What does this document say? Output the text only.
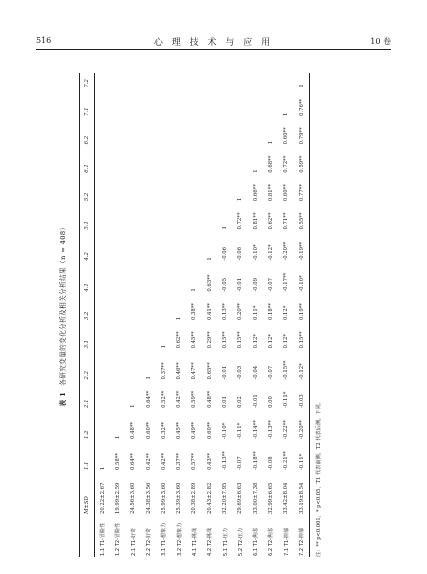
516	心 理 技 术 与 应 用	10 卷
表 1各研究变量的变化分析及相关分析结果（n = 408）
	M±SD	1.1	1.2	2.1	2.2	3.1	3.2	4.1	4.2	5.1	5.2	6.1	6.2	7.1	7.2
1.1 T1-冒险性	20.22±2.67	1													
1.2 T2-冒险性	19.99±2.59	0.58**	1												
2.1 T1-好奇	24.56±3.60	0.64**	0.48**	1											
2.2 T2-好奇	24.38±3.56	0.42**	0.60**	0.64**	1										
3.1 T1-想象力	25.99±3.60	0.42**	0.32**	0.52**	0.37**	1									
3.2 T2-想象力	25.39±3.60	0.37**	0.45**	0.42**	0.46**	0.62**	1								
4.1 T1-挑战	20.38±2.89	0.57**	0.49**	0.59**	0.47**	0.45**	0.38**	1							
4.2 T2-挑战	20.43±2.82	0.43**	0.60**	0.48**	0.65**	0.29**	0.41**	0.63**	1						
5.1 T1-压力	32.20±7.95	-0.13**	-0.10*	0.01	-0.01	0.15**	0.13**	-0.05	-0.06	1					
5.2 T2-压力	29.69±6.63	-0.07	-0.11*	0.02	-0.03	0.15**	0.20**	-0.01	-0.06	0.72**	1				
6.1 T1-焦虑	33.00±7.38	-0.18**	-0.14**	-0.01	-0.04	0.12*	0.11*	-0.09	-0.10*	0.81**	0.66**	1			
6.2 T2-焦虑	32.99±6.65	-0.08	-0.13**	0.00	-0.07	0.12*	0.18**	-0.07	-0.12*	0.62**	0.81**	0.68**	1		
7.1 T1-抑郁	33.42±8.04	-0.21**	-0.22**	-0.11*	-0.15**	0.12*	0.12*	-0.17**	-0.20**	0.71**	0.60**	0.72**	0.60**	1	
7.2 T2-抑郁	33.19±8.54	-0.11*	-0.20**	-0.03	-0.12*	0.15**	0.19**	-0.10*	-0.19**	0.55**	0.77**	0.59**	0.79**	0.76**	1
注：** p<0.001，* p<0.05，T1 代表前测，T2 代表后测，下同。
